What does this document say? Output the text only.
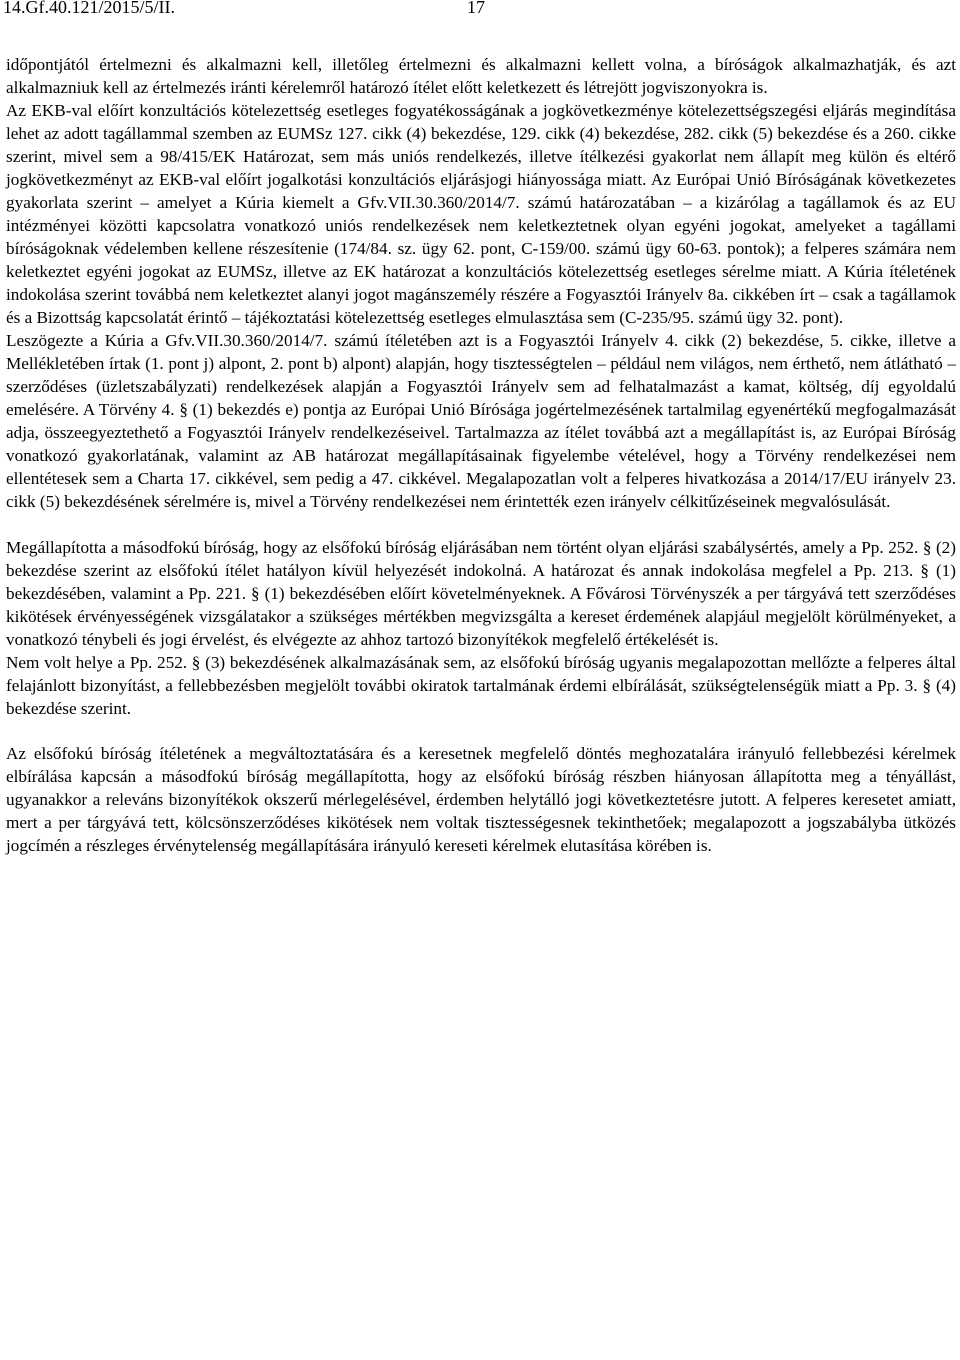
14.Gf.40.121/2015/5/II.	17

időpontjától értelmezni és alkalmazni kell, illetőleg értelmezni és alkalmazni kellett volna, a bíróságok alkalmazhatják, és azt alkalmazniuk kell az értelmezés iránti kérelemről határozó ítélet előtt keletkezett és létrejött jogviszonyokra is.

Az EKB-val előírt konzultációs kötelezettség esetleges fogyatékosságának a jogkövetkezménye kötelezettségszegési eljárás megindítása lehet az adott tagállammal szemben az EUMSz 127. cikk (4) bekezdése, 129. cikk (4) bekezdése, 282. cikk (5) bekezdése és a 260. cikke szerint, mivel sem a 98/415/EK Határozat, sem más uniós rendelkezés, illetve ítélkezési gyakorlat nem állapít meg külön és eltérő jogkövetkezményt az EKB-val előírt jogalkotási konzultációs eljárásjogi hiányossága miatt. Az Európai Unió Bíróságának következetes gyakorlata szerint – amelyet a Kúria kiemelt a Gfv.VII.30.360/2014/7. számú határozatában – a kizárólag a tagállamok és az EU intézményei közötti kapcsolatra vonatkozó uniós rendelkezések nem keletkeztetnek olyan egyéni jogokat, amelyeket a tagállami bíróságoknak védelemben kellene részesítenie (174/84. sz. ügy 62. pont, C-159/00. számú ügy 60-63. pontok); a felperes számára nem keletkeztet egyéni jogokat az EUMSz, illetve az EK határozat a konzultációs kötelezettség esetleges sérelme miatt. A Kúria ítéletének indokolása szerint továbbá nem keletkeztet alanyi jogot magánszemély részére a Fogyasztói Irányelv 8a. cikkében írt – csak a tagállamok és a Bizottság kapcsolatát érintő – tájékoztatási kötelezettség esetleges elmulasztása sem (C-235/95. számú ügy 32. pont).

Leszögezte a Kúria a Gfv.VII.30.360/2014/7. számú ítéletében azt is a Fogyasztói Irányelv 4. cikk (2) bekezdése, 5. cikke, illetve a Mellékletében írtak (1. pont j) alpont, 2. pont b) alpont) alapján, hogy tisztességtelen – például nem világos, nem érthető, nem átlátható – szerződéses (üzletszabályzati) rendelkezések alapján a Fogyasztói Irányelv sem ad felhatalmazást a kamat, költség, díj egyoldalú emelésére. A Törvény 4. § (1) bekezdés e) pontja az Európai Unió Bírósága jogértelmezésének tartalmilag egyenértékű megfogalmazását adja, összeegyeztethető a Fogyasztói Irányelv rendelkezéseivel. Tartalmazza az ítélet továbbá azt a megállapítást is, az Európai Bíróság vonatkozó gyakorlatának, valamint az AB határozat megállapításainak figyelembe vételével, hogy a Törvény rendelkezései nem ellentétesek sem a Charta 17. cikkével, sem pedig a 47. cikkével. Megalapozatlan volt a felperes hivatkozása a 2014/17/EU irányelv 23. cikk (5) bekezdésének sérelmére is, mivel a Törvény rendelkezései nem érintették ezen irányelv célkitűzéseinek megvalósulását.

Megállapította a másodfokú bíróság, hogy az elsőfokú bíróság eljárásában nem történt olyan eljárási szabálysértés, amely a Pp. 252. § (2) bekezdése szerint az elsőfokú ítélet hatályon kívül helyezését indokolná. A határozat és annak indokolása megfelel a Pp. 213. § (1) bekezdésében, valamint a Pp. 221. § (1) bekezdésében előírt követelményeknek. A Fővárosi Törvényszék a per tárgyává tett szerződéses kikötések érvényességének vizsgálatakor a szükséges mértékben megvizsgálta a kereset érdemének alapjául megjelölt körülményeket, a vonatkozó ténybeli és jogi érvelést, és elvégezte az ahhoz tartozó bizonyítékok megfelelő értékelését is.

Nem volt helye a Pp. 252. § (3) bekezdésének alkalmazásának sem, az elsőfokú bíróság ugyanis megalapozottan mellőzte a felperes által felajánlott bizonyítást, a fellebbezésben megjelölt további okiratok tartalmának érdemi elbírálását, szükségtelenségük miatt a Pp. 3. § (4) bekezdése szerint.

Az elsőfokú bíróság ítéletének a megváltoztatására és a keresetnek megfelelő döntés meghozatalára irányuló fellebbezési kérelmek elbírálása kapcsán a másodfokú bíróság megállapította, hogy az elsőfokú bíróság részben hiányosan állapította meg a tényállást, ugyanakkor a releváns bizonyítékok okszerű mérlegelésével, érdemben helytálló jogi következtetésre jutott. A felperes keresetet amiatt, mert a per tárgyává tett, kölcsönszerződéses kikötések nem voltak tisztességesnek tekinthetőek; megalapozott a jogszabályba ütközés jogcímén a részleges érvénytelenség megállapítására irányuló kereseti kérelmek elutasítása körében is.
